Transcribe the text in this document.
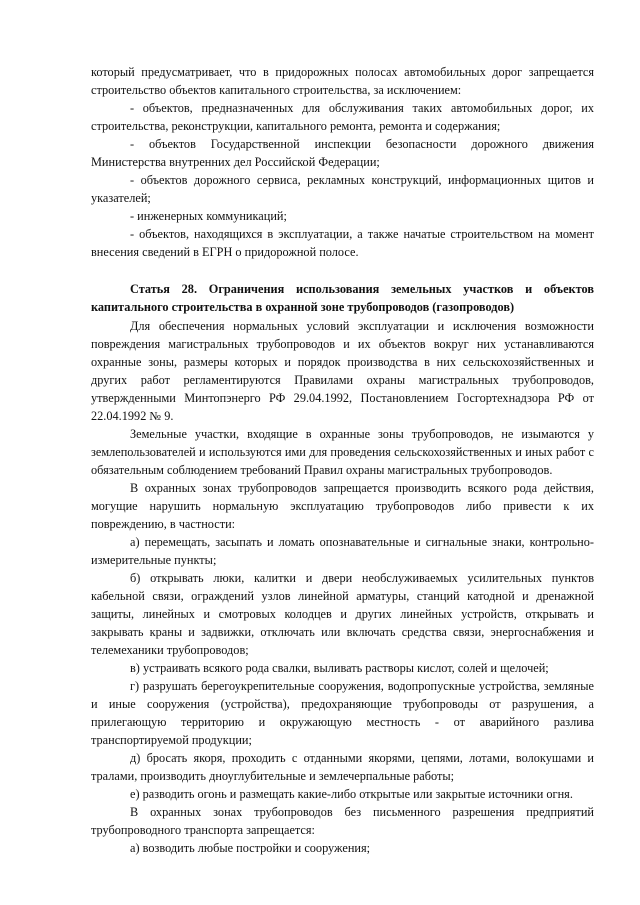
который предусматривает, что в придорожных полосах автомобильных дорог запрещается строительство объектов капитального строительства, за исключением:

- объектов, предназначенных для обслуживания таких автомобильных дорог, их строительства, реконструкции, капитального ремонта, ремонта и содержания;

- объектов Государственной инспекции безопасности дорожного движения Министерства внутренних дел Российской Федерации;

- объектов дорожного сервиса, рекламных конструкций, информационных щитов и указателей;

- инженерных коммуникаций;

- объектов, находящихся в эксплуатации, а также начатые строительством на момент внесения сведений в ЕГРН о придорожной полосе.

Статья 28. Ограничения использования земельных участков и объектов капитального строительства в охранной зоне трубопроводов (газопроводов)

Для обеспечения нормальных условий эксплуатации и исключения возможности повреждения магистральных трубопроводов и их объектов вокруг них устанавливаются охранные зоны, размеры которых и порядок производства в них сельскохозяйственных и других работ регламентируются Правилами охраны магистральных трубопроводов, утвержденными Минтопэнерго РФ 29.04.1992, Постановлением Госгортехнадзора РФ от 22.04.1992 № 9.

Земельные участки, входящие в охранные зоны трубопроводов, не изымаются у землепользователей и используются ими для проведения сельскохозяйственных и иных работ с обязательным соблюдением требований Правил охраны магистральных трубопроводов.

В охранных зонах трубопроводов запрещается производить всякого рода действия, могущие нарушить нормальную эксплуатацию трубопроводов либо привести к их повреждению, в частности:

а) перемещать, засыпать и ломать опознавательные и сигнальные знаки, контрольно-измерительные пункты;

б) открывать люки, калитки и двери необслуживаемых усилительных пунктов кабельной связи, ограждений узлов линейной арматуры, станций катодной и дренажной защиты, линейных и смотровых колодцев и других линейных устройств, открывать и закрывать краны и задвижки, отключать или включать средства связи, энергоснабжения и телемеханики трубопроводов;

в) устраивать всякого рода свалки, выливать растворы кислот, солей и щелочей;

г) разрушать берегоукрепительные сооружения, водопропускные устройства, земляные и иные сооружения (устройства), предохраняющие трубопроводы от разрушения, а прилегающую территорию и окружающую местность - от аварийного разлива транспортируемой продукции;

д) бросать якоря, проходить с отданными якорями, цепями, лотами, волокушами и тралами, производить дноуглубительные и землечерпальные работы;

е) разводить огонь и размещать какие-либо открытые или закрытые источники огня.

В охранных зонах трубопроводов без письменного разрешения предприятий трубопроводного транспорта запрещается:

а) возводить любые постройки и сооружения;
